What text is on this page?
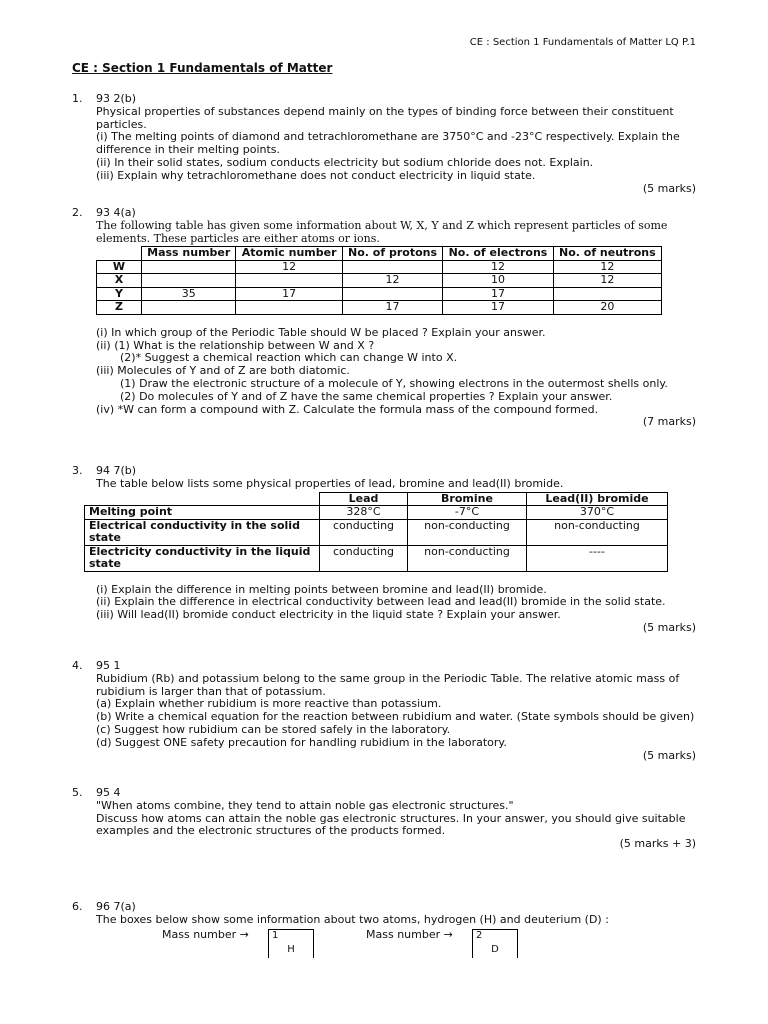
CE : Section 1 Fundamentals of Matter LQ P.1
CE : Section 1 Fundamentals of Matter
1.	93 2(b)
Physical properties of substances depend mainly on the types of binding force between their constituent particles.
(i) The melting points of diamond and tetrachloromethane are 3750°C and -23°C respectively. Explain the difference in their melting points.
(ii) In their solid states, sodium conducts electricity but sodium chloride does not. Explain.
(iii) Explain why tetrachloromethane does not conduct electricity in liquid state.
(5 marks)
2.	93 4(a)
The following table has given some information about W, X, Y and Z which represent particles of some elements. These particles are either atoms or ions.
	Mass number	Atomic number	No. of protons	No. of electrons	No. of neutrons
W		12		12	12
X			12	10	12
Y	35	17		17	
Z			17	17	20
(i) In which group of the Periodic Table should W be placed ? Explain your answer.
(ii) (1) What is the relationship between W and X ?
(2)* Suggest a chemical reaction which can change W into X.
(iii) Molecules of Y and of Z are both diatomic.
(1) Draw the electronic structure of a molecule of Y, showing electrons in the outermost shells only.
(2) Do molecules of Y and of Z have the same chemical properties ? Explain your answer.
(iv) *W can form a compound with Z. Calculate the formula mass of the compound formed.
(7 marks)
3.	94 7(b)
The table below lists some physical properties of lead, bromine and lead(II) bromide.
	Lead	Bromine	Lead(II) bromide
Melting point	328°C	-7°C	370°C
Electrical conductivity in the solid state	conducting	non-conducting	non-conducting
Electricity conductivity in the liquid state	conducting	non-conducting	----
(i) Explain the difference in melting points between bromine and lead(II) bromide.
(ii) Explain the difference in electrical conductivity between lead and lead(II) bromide in the solid state.
(iii) Will lead(II) bromide conduct electricity in the liquid state ? Explain your answer.
(5 marks)
4.	95 1
Rubidium (Rb) and potassium belong to the same group in the Periodic Table. The relative atomic mass of rubidium is larger than that of potassium.
(a) Explain whether rubidium is more reactive than potassium.
(b) Write a chemical equation for the reaction between rubidium and water. (State symbols should be given)
(c) Suggest how rubidium can be stored safely in the laboratory.
(d) Suggest ONE safety precaution for handling rubidium in the laboratory.
(5 marks)
5.	95 4
"When atoms combine, they tend to attain noble gas electronic structures."
Discuss how atoms can attain the noble gas electronic structures. In your answer, you should give suitable examples and the electronic structures of the products formed.
(5 marks + 3)
6.	96 7(a)
The boxes below show some information about two atoms, hydrogen (H) and deuterium (D) :
Mass number → 1
H
Mass number → 2
D
